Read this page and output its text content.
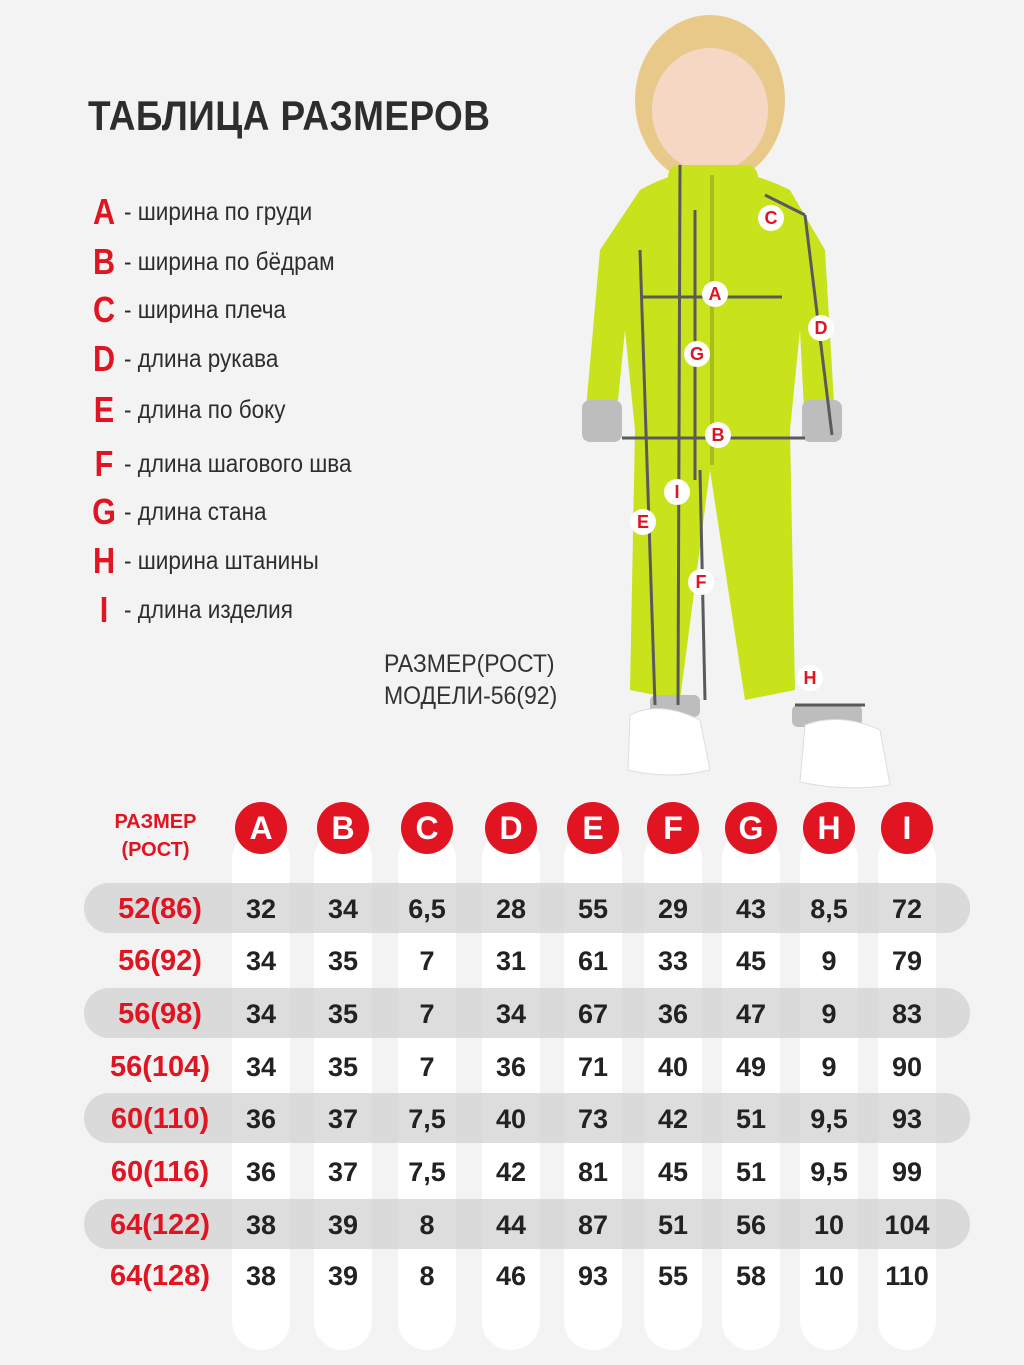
ТАБЛИЦА РАЗМЕРОВ
A - ширина по груди
B - ширина по бёдрам
C - ширина плеча
D - длина рукава
E - длина по боку
F - длина шагового шва
G - длина стана
H - ширина штанины
I - длина изделия
РАЗМЕР(РОСТ)
МОДЕЛИ-56(92)
A
B
C
D
E
F
G
H
I
РАЗМЕР
(РОСТ)
A	B	C	D	E	F	G	H	I
52(86)	32	34	6,5	28	55	29	43	8,5	72
56(92)	34	35	7	31	61	33	45	9	79
56(98)	34	35	7	34	67	36	47	9	83
56(104)	34	35	7	36	71	40	49	9	90
60(110)	36	37	7,5	40	73	42	51	9,5	93
60(116)	36	37	7,5	42	81	45	51	9,5	99
64(122)	38	39	8	44	87	51	56	10	104
64(128)	38	39	8	46	93	55	58	10	110
